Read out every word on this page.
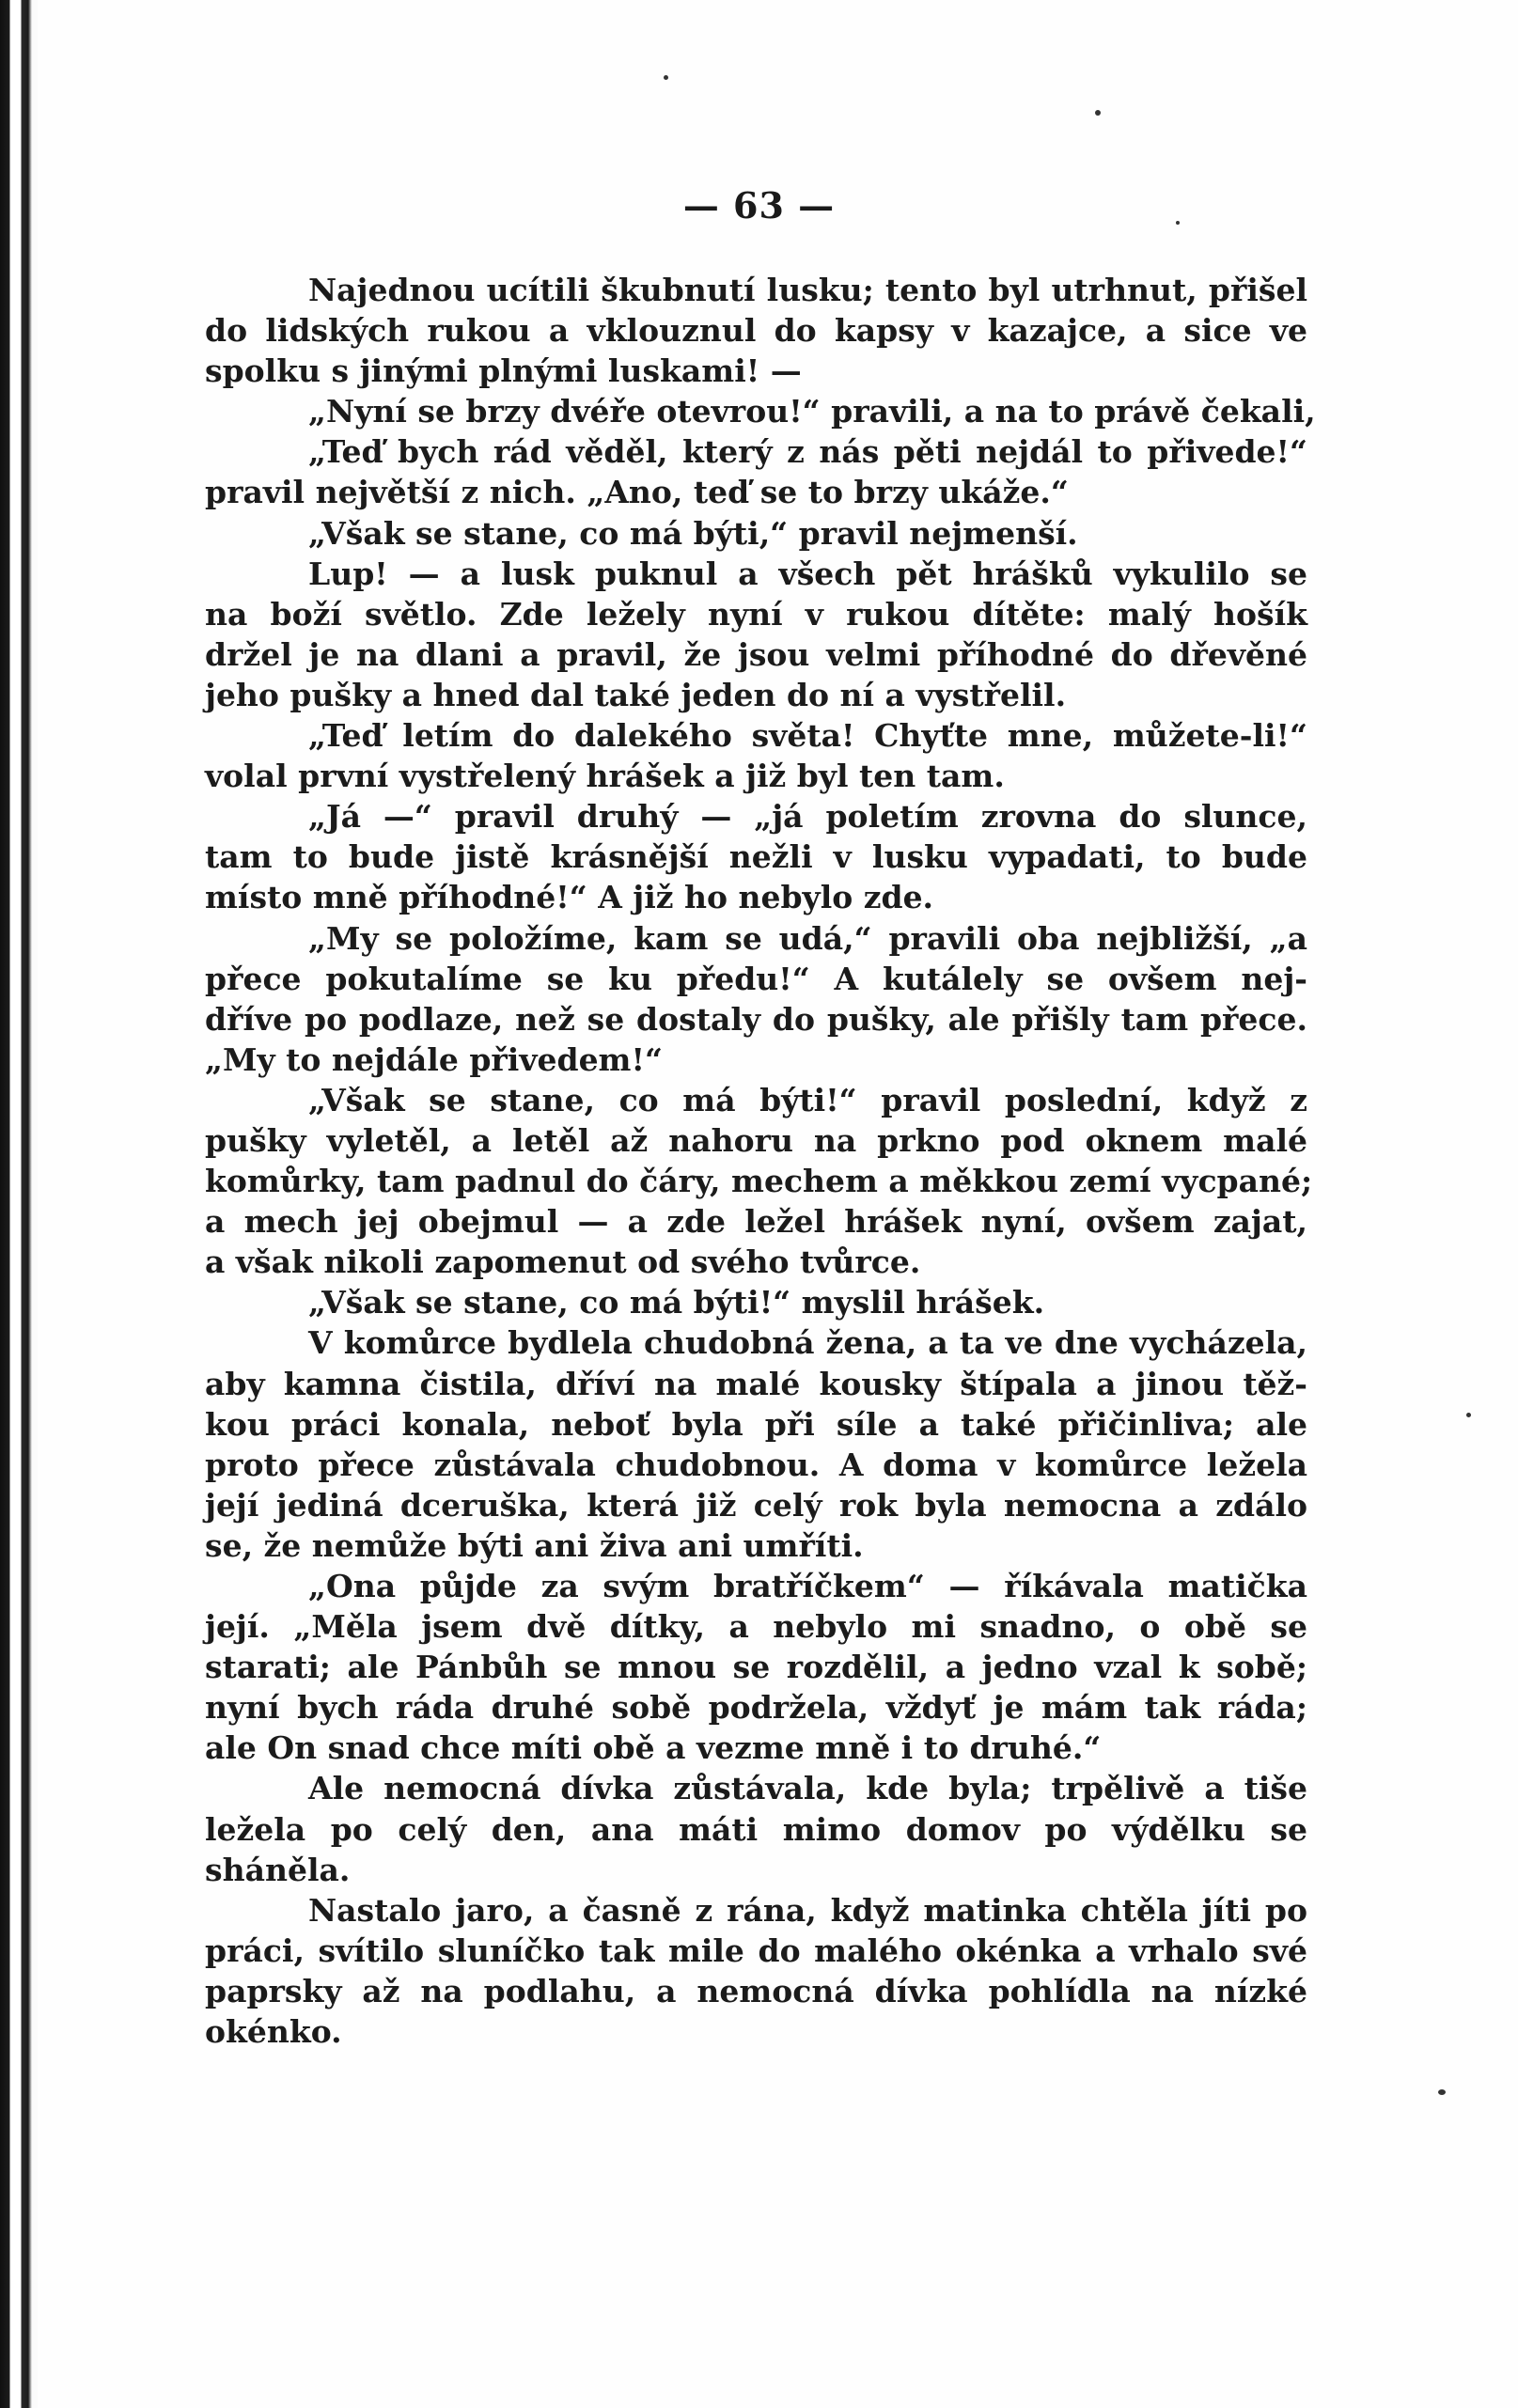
— 63 —
Najednou ucítili škubnutí lusku; tento byl utrhnut, přišel
do lidských rukou a vklouznul do kapsy v kazajce, a sice ve
spolku s jinými plnými luskami! —
„Nyní se brzy dvéře otevrou!“ pravili, a na to právě čekali,
„Teď bych rád věděl, který z nás pěti nejdál to přivede!“
pravil největší z nich. „Ano, teď se to brzy ukáže.“
„Však se stane, co má býti,“ pravil nejmenší.
Lup! — a lusk puknul a všech pět hrášků vykulilo se
na boží světlo. Zde ležely nyní v rukou dítěte: malý hošík
držel je na dlani a pravil, že jsou velmi příhodné do dřevěné
jeho pušky a hned dal také jeden do ní a vystřelil.
„Teď letím do dalekého světa! Chyťte mne, můžete-li!“
volal první vystřelený hrášek a již byl ten tam.
„Já —“ pravil druhý — „já poletím zrovna do slunce,
tam to bude jistě krásnější nežli v lusku vypadati, to bude
místo mně příhodné!“ A již ho nebylo zde.
„My se položíme, kam se udá,“ pravili oba nejbližší, „a
přece pokutalíme se ku předu!“ A kutálely se ovšem nej-
dříve po podlaze, než se dostaly do pušky, ale přišly tam přece.
„My to nejdále přivedem!“
„Však se stane, co má býti!“ pravil poslední, když z
pušky vyletěl, a letěl až nahoru na prkno pod oknem malé
komůrky, tam padnul do čáry, mechem a měkkou zemí vycpané;
a mech jej obejmul — a zde ležel hrášek nyní, ovšem zajat,
a však nikoli zapomenut od svého tvůrce.
„Však se stane, co má býti!“ myslil hrášek.
V komůrce bydlela chudobná žena, a ta ve dne vycházela,
aby kamna čistila, dříví na malé kousky štípala a jinou těž-
kou práci konala, neboť byla při síle a také přičinliva; ale
proto přece zůstávala chudobnou. A doma v komůrce ležela
její jediná dceruška, která již celý rok byla nemocna a zdálo
se, že nemůže býti ani živa ani umříti.
„Ona půjde za svým bratříčkem“ — říkávala matička
její. „Měla jsem dvě dítky, a nebylo mi snadno, o obě se
starati; ale Pánbůh se mnou se rozdělil, a jedno vzal k sobě;
nyní bych ráda druhé sobě podržela, vždyť je mám tak ráda;
ale On snad chce míti obě a vezme mně i to druhé.“
Ale nemocná dívka zůstávala, kde byla; trpělivě a tiše
ležela po celý den, ana máti mimo domov po výdělku se
sháněla.
Nastalo jaro, a časně z rána, když matinka chtěla jíti po
práci, svítilo sluníčko tak mile do malého okénka a vrhalo své
paprsky až na podlahu, a nemocná dívka pohlídla na nízké
okénko.
